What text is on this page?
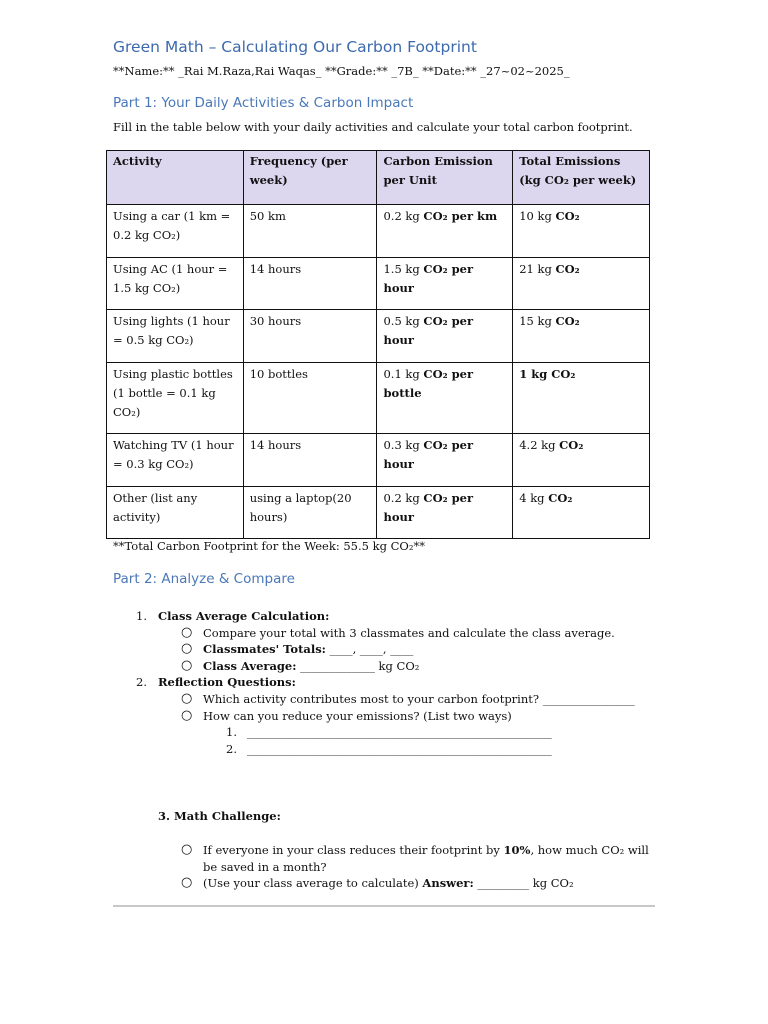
Green Math – Calculating Our Carbon Footprint
**Name:** _Rai M.Raza,Rai Waqas_ **Grade:** _7B_ **Date:** _27~02~2025_
Part 1: Your Daily Activities & Carbon Impact
Fill in the table below with your daily activities and calculate your total carbon footprint.
Activity	Frequency (per week)	Carbon Emission per Unit	Total Emissions (kg CO₂ per week)
Using a car (1 km = 0.2 kg CO₂)	50 km	0.2 kg CO₂ per km	10 kg CO₂
Using AC (1 hour = 1.5 kg CO₂)	14 hours	1.5 kg CO₂ per hour	21 kg CO₂
Using lights (1 hour = 0.5 kg CO₂)	30 hours	0.5 kg CO₂ per hour	15 kg CO₂
Using plastic bottles (1 bottle = 0.1 kg CO₂)	10 bottles	0.1 kg CO₂ per bottle	1 kg CO₂
Watching TV (1 hour = 0.3 kg CO₂)	14 hours	0.3 kg CO₂ per hour	4.2 kg CO₂
Other (list any activity)	using a laptop(20 hours)	0.2 kg CO₂ per hour	4 kg CO₂
**Total Carbon Footprint for the Week: 55.5 kg CO₂**
Part 2: Analyze & Compare
1. Class Average Calculation:
○ Compare your total with 3 classmates and calculate the class average.
○ Classmates' Totals: ____, ____, ____
○ Class Average: _____________ kg CO₂
2. Reflection Questions:
○ Which activity contributes most to your carbon footprint? ________________
○ How can you reduce your emissions? (List two ways)
1. _____________________________________________________
2. _____________________________________________________
3. Math Challenge:
○ If everyone in your class reduces their footprint by 10%, how much CO₂ will
be saved in a month?
○ (Use your class average to calculate) Answer: _________ kg CO₂
